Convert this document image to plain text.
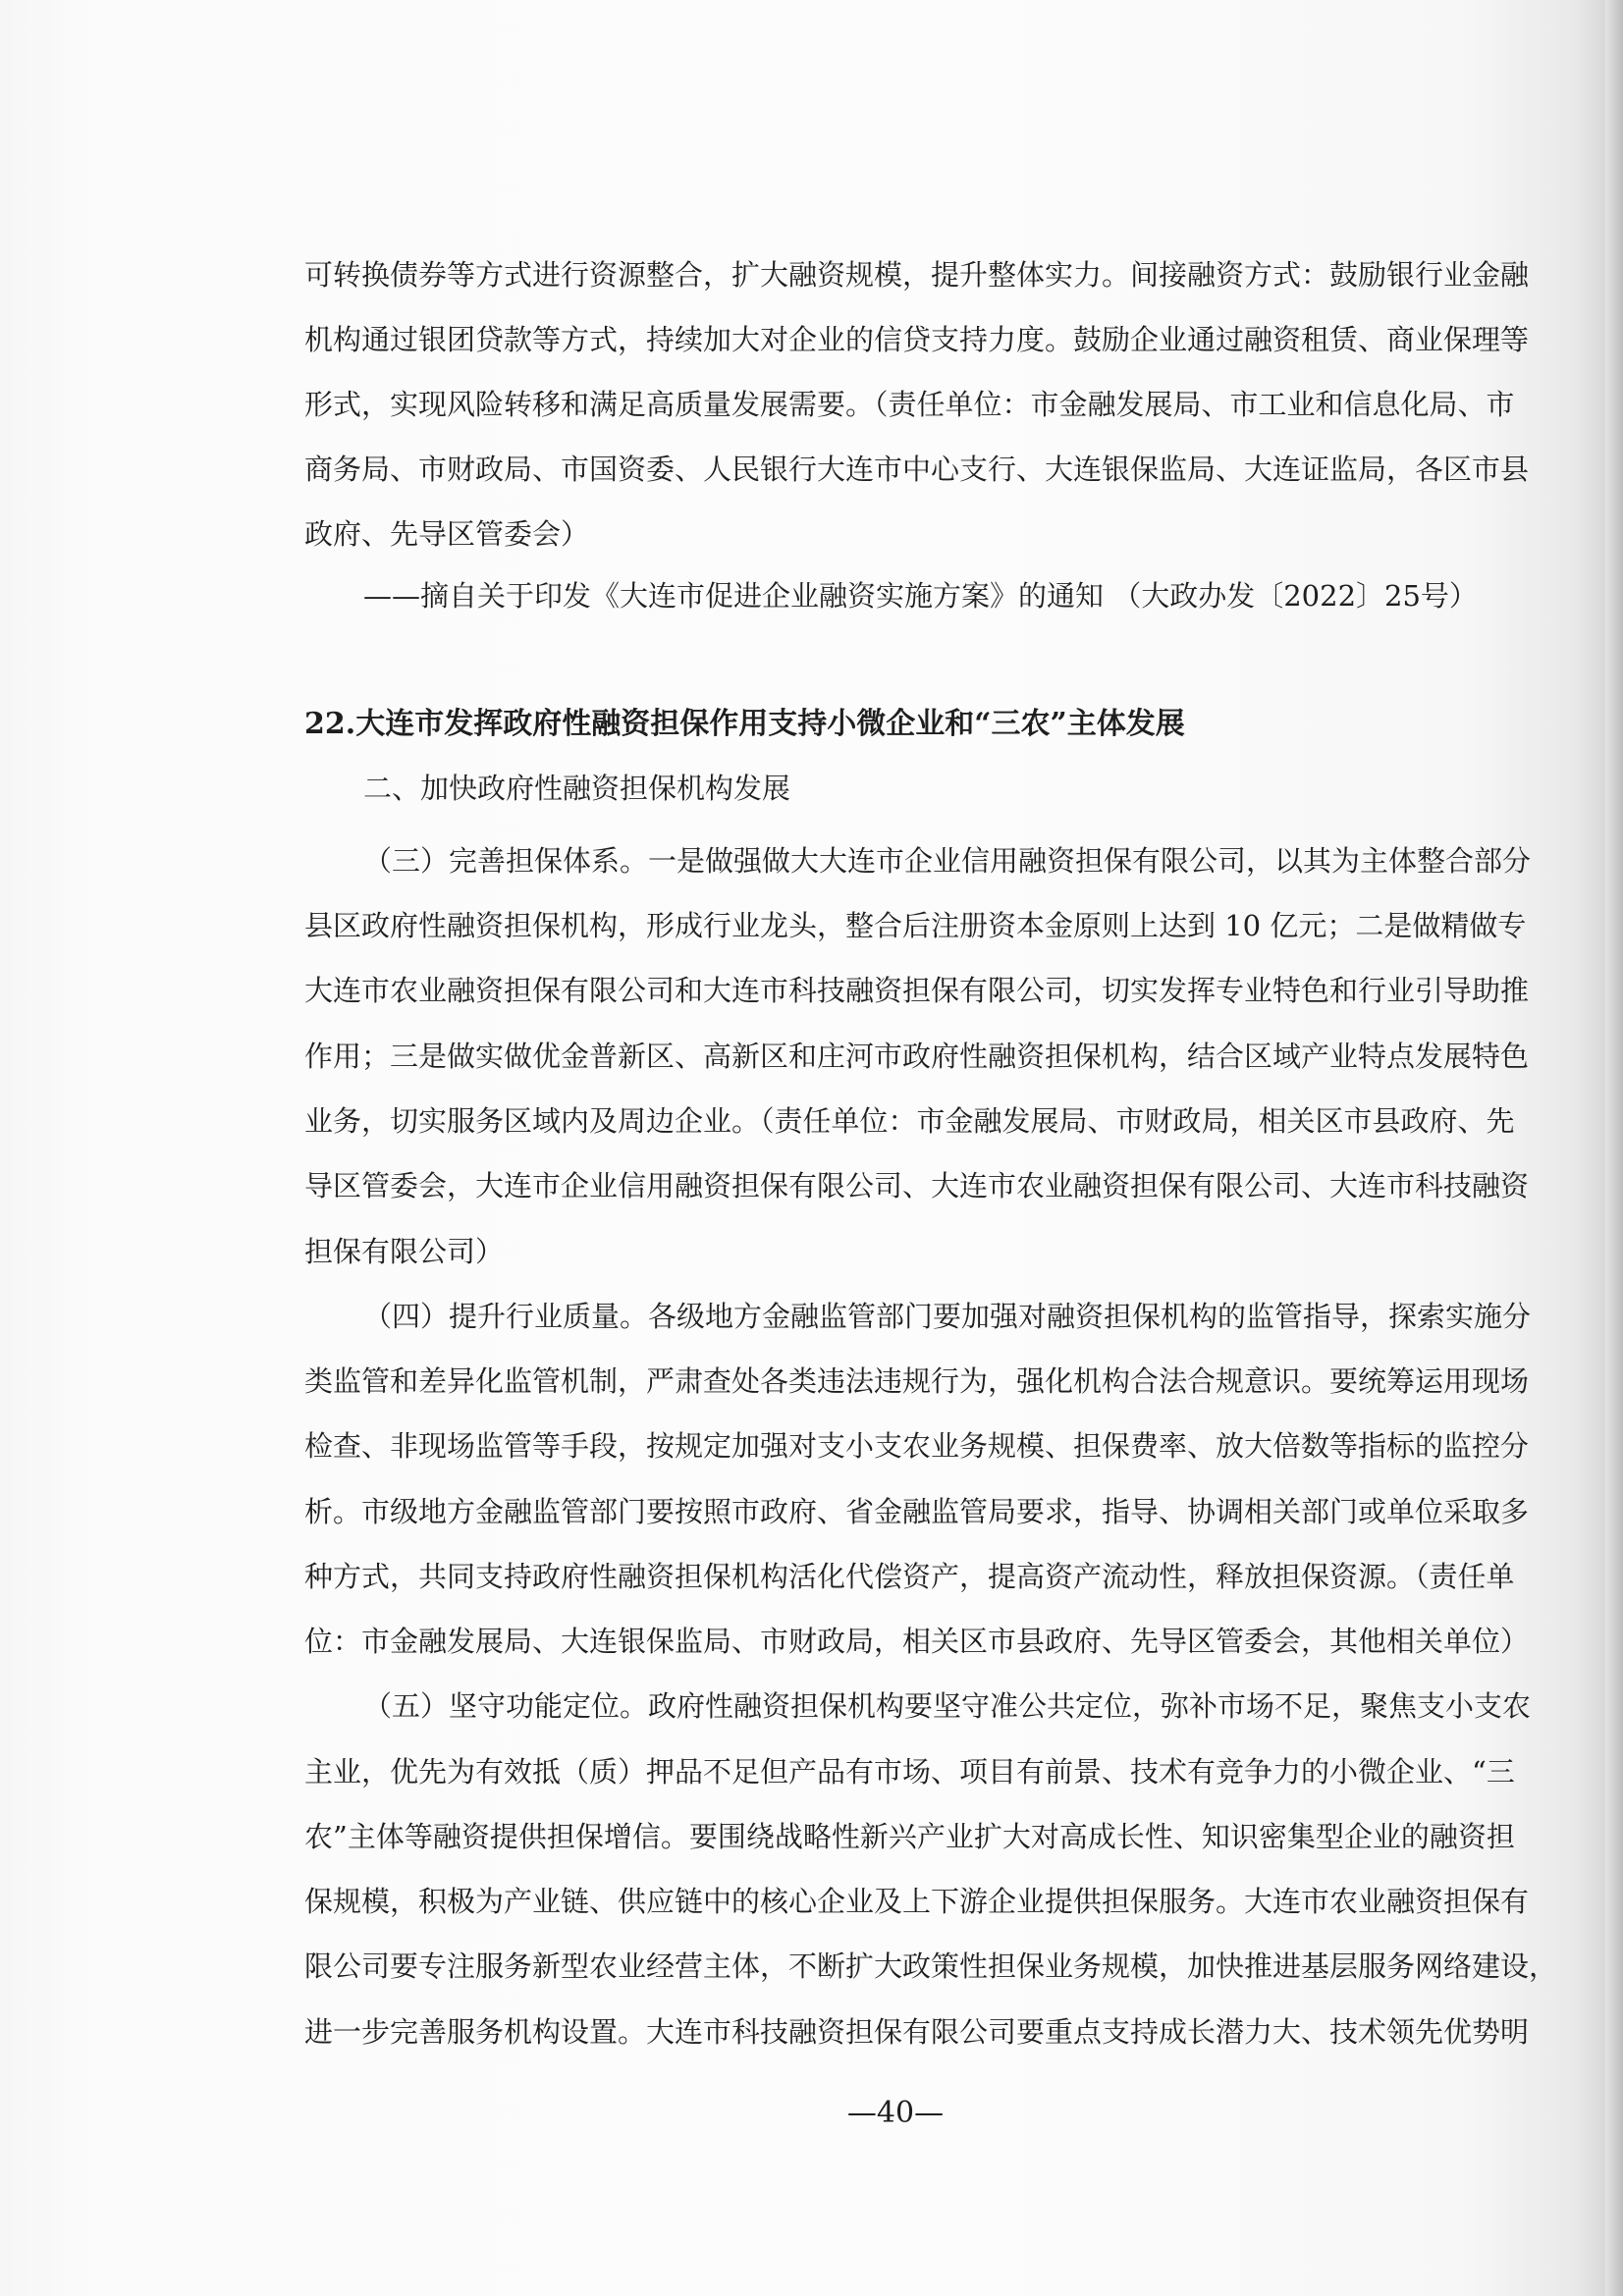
可转换债券等方式进行资源整合，扩大融资规模，提升整体实力。间接融资方式：鼓励银行业金融
机构通过银团贷款等方式，持续加大对企业的信贷支持力度。鼓励企业通过融资租赁、商业保理等
形式，实现风险转移和满足高质量发展需要。（责任单位：市金融发展局、市工业和信息化局、市
商务局、市财政局、市国资委、人民银行大连市中心支行、大连银保监局、大连证监局，各区市县
政府、先导区管委会）
——摘自关于印发《大连市促进企业融资实施方案》的通知 （大政办发〔2022〕25号）
22.大连市发挥政府性融资担保作用支持小微企业和“三农”主体发展
二、加快政府性融资担保机构发展
（三）完善担保体系。一是做强做大大连市企业信用融资担保有限公司，以其为主体整合部分
县区政府性融资担保机构，形成行业龙头，整合后注册资本金原则上达到 10 亿元；二是做精做专
大连市农业融资担保有限公司和大连市科技融资担保有限公司，切实发挥专业特色和行业引导助推
作用；三是做实做优金普新区、高新区和庄河市政府性融资担保机构，结合区域产业特点发展特色
业务，切实服务区域内及周边企业。（责任单位：市金融发展局、市财政局，相关区市县政府、先
导区管委会，大连市企业信用融资担保有限公司、大连市农业融资担保有限公司、大连市科技融资
担保有限公司）
（四）提升行业质量。各级地方金融监管部门要加强对融资担保机构的监管指导，探索实施分
类监管和差异化监管机制，严肃查处各类违法违规行为，强化机构合法合规意识。要统筹运用现场
检查、非现场监管等手段，按规定加强对支小支农业务规模、担保费率、放大倍数等指标的监控分
析。市级地方金融监管部门要按照市政府、省金融监管局要求，指导、协调相关部门或单位采取多
种方式，共同支持政府性融资担保机构活化代偿资产，提高资产流动性，释放担保资源。（责任单
位：市金融发展局、大连银保监局、市财政局，相关区市县政府、先导区管委会，其他相关单位）
（五）坚守功能定位。政府性融资担保机构要坚守准公共定位，弥补市场不足，聚焦支小支农
主业，优先为有效抵（质）押品不足但产品有市场、项目有前景、技术有竞争力的小微企业、“三
农”主体等融资提供担保增信。要围绕战略性新兴产业扩大对高成长性、知识密集型企业的融资担
保规模，积极为产业链、供应链中的核心企业及上下游企业提供担保服务。大连市农业融资担保有
限公司要专注服务新型农业经营主体，不断扩大政策性担保业务规模，加快推进基层服务网络建设，
进一步完善服务机构设置。大连市科技融资担保有限公司要重点支持成长潜力大、技术领先优势明
—40—
